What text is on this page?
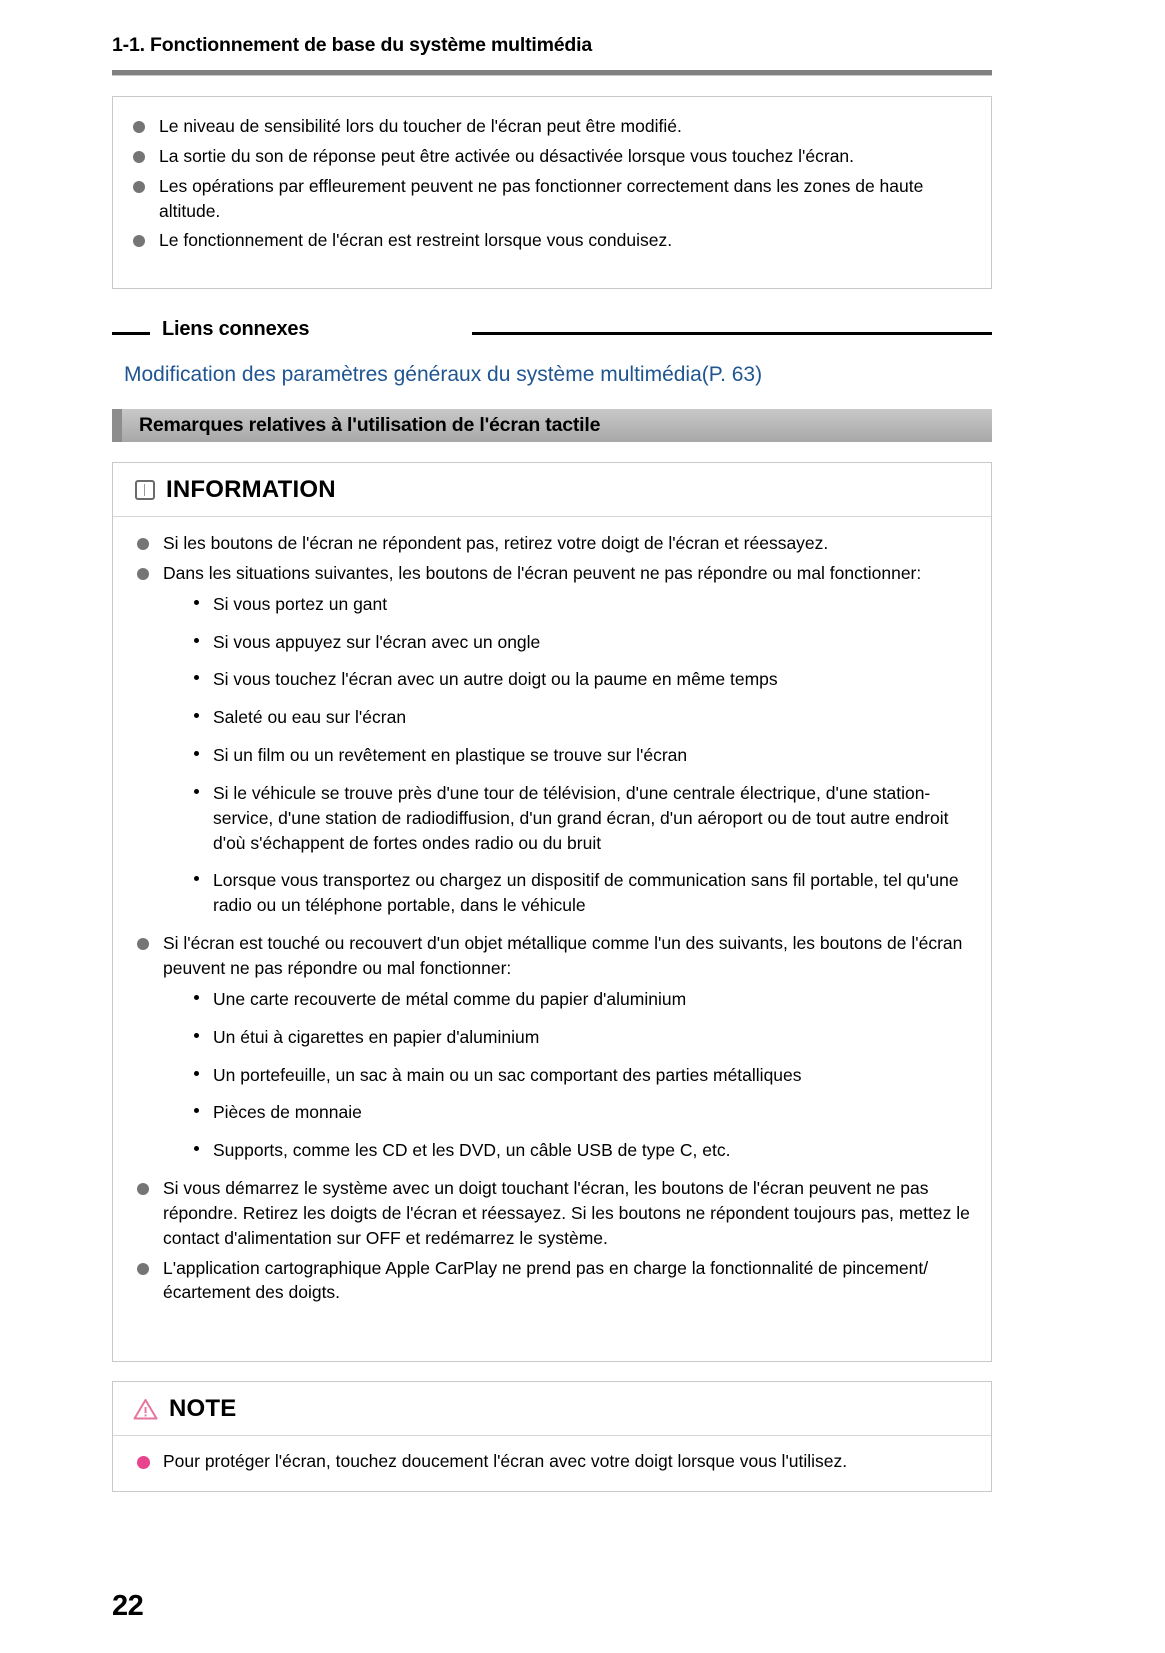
1-1. Fonctionnement de base du système multimédia
Le niveau de sensibilité lors du toucher de l'écran peut être modifié.
La sortie du son de réponse peut être activée ou désactivée lorsque vous touchez l'écran.
Les opérations par effleurement peuvent ne pas fonctionner correctement dans les zones de haute altitude.
Le fonctionnement de l'écran est restreint lorsque vous conduisez.
Liens connexes
Modification des paramètres généraux du système multimédia(P. 63)
Remarques relatives à l'utilisation de l'écran tactile
INFORMATION
Si les boutons de l'écran ne répondent pas, retirez votre doigt de l'écran et réessayez.
Dans les situations suivantes, les boutons de l'écran peuvent ne pas répondre ou mal fonctionner:
Si vous portez un gant
Si vous appuyez sur l'écran avec un ongle
Si vous touchez l'écran avec un autre doigt ou la paume en même temps
Saleté ou eau sur l'écran
Si un film ou un revêtement en plastique se trouve sur l'écran
Si le véhicule se trouve près d'une tour de télévision, d'une centrale électrique, d'une station-service, d'une station de radiodiffusion, d'un grand écran, d'un aéroport ou de tout autre endroit d'où s'échappent de fortes ondes radio ou du bruit
Lorsque vous transportez ou chargez un dispositif de communication sans fil portable, tel qu'une radio ou un téléphone portable, dans le véhicule
Si l'écran est touché ou recouvert d'un objet métallique comme l'un des suivants, les boutons de l'écran peuvent ne pas répondre ou mal fonctionner:
Une carte recouverte de métal comme du papier d'aluminium
Un étui à cigarettes en papier d'aluminium
Un portefeuille, un sac à main ou un sac comportant des parties métalliques
Pièces de monnaie
Supports, comme les CD et les DVD, un câble USB de type C, etc.
Si vous démarrez le système avec un doigt touchant l'écran, les boutons de l'écran peuvent ne pas répondre. Retirez les doigts de l'écran et réessayez. Si les boutons ne répondent toujours pas, mettez le contact d'alimentation sur OFF et redémarrez le système.
L'application cartographique Apple CarPlay ne prend pas en charge la fonctionnalité de pincement/écartement des doigts.
NOTE
Pour protéger l'écran, touchez doucement l'écran avec votre doigt lorsque vous l'utilisez.
22
